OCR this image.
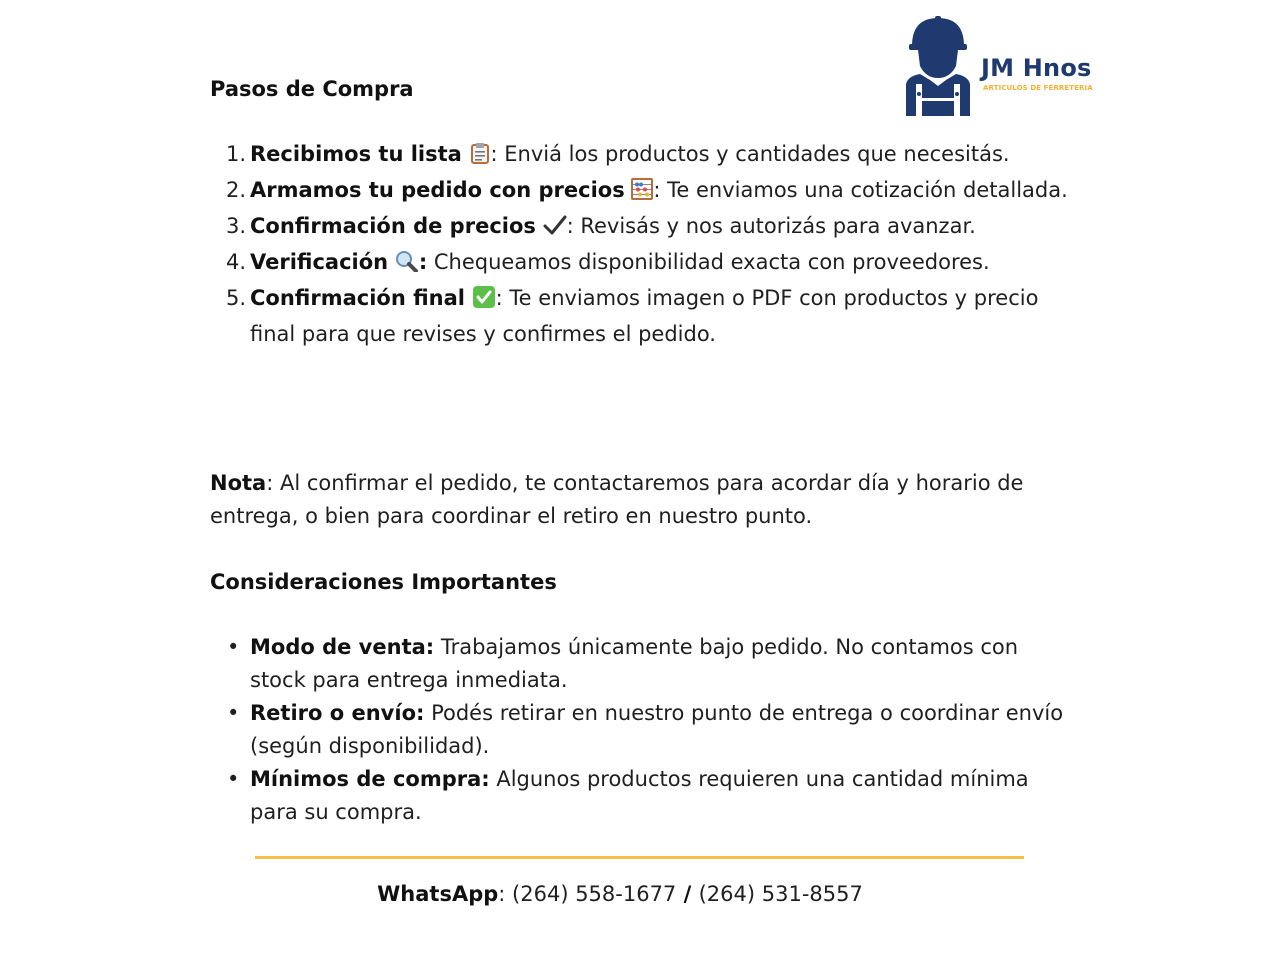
JM Hnos
ARTICULOS DE FERRETERIA
Pasos de Compra
1. Recibimos tu lista : Enviá los productos y cantidades que necesitás.
2. Armamos tu pedido con precios : Te enviamos una cotización detallada.
3. Confirmación de precios : Revisás y nos autorizás para avanzar.
4. Verificación : Chequeamos disponibilidad exacta con proveedores.
5. Confirmación final : Te enviamos imagen o PDF con productos y precio final para que revises y confirmes el pedido.

Nota: Al confirmar el pedido, te contactaremos para acordar día y horario de entrega, o bien para coordinar el retiro en nuestro punto.

Consideraciones Importantes
• Modo de venta: Trabajamos únicamente bajo pedido. No contamos con stock para entrega inmediata.
• Retiro o envío: Podés retirar en nuestro punto de entrega o coordinar envío (según disponibilidad).
• Mínimos de compra: Algunos productos requieren una cantidad mínima para su compra.
WhatsApp: (264) 558-1677 / (264) 531-8557
